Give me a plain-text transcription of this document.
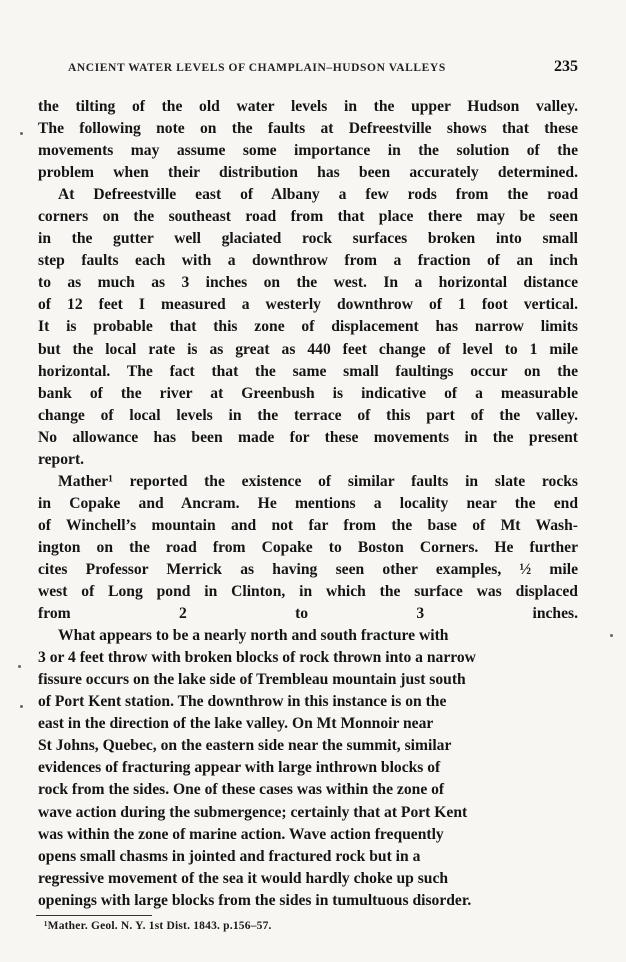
ANCIENT WATER LEVELS OF CHAMPLAIN–HUDSON VALLEYS	235

the tilting of the old water levels in the upper Hudson valley.
The following note on the faults at Defreestville shows that these
movements may assume some importance in the solution of the
problem when their distribution has been accurately determined.

At Defreestville east of Albany a few rods from the road
corners on the southeast road from that place there may be seen
in the gutter well glaciated rock surfaces broken into small
step faults each with a downthrow from a fraction of an inch
to as much as 3 inches on the west. In a horizontal distance
of 12 feet I measured a westerly downthrow of 1 foot vertical.
It is probable that this zone of displacement has narrow limits
but the local rate is as great as 440 feet change of level to 1 mile
horizontal. The fact that the same small faultings occur on the
bank of the river at Greenbush is indicative of a measurable
change of local levels in the terrace of this part of the valley.
No allowance has been made for these movements in the present
report.

Mather¹ reported the existence of similar faults in slate rocks
in Copake and Ancram. He mentions a locality near the end
of Winchell’s mountain and not far from the base of Mt Wash-
ington on the road from Copake to Boston Corners. He further
cites Professor Merrick as having seen other examples, ½ mile
west of Long pond in Clinton, in which the surface was displaced
from 2 to 3 inches.

What appears to be a nearly north and south fracture with
3 or 4 feet throw with broken blocks of rock thrown into a narrow
fissure occurs on the lake side of Trembleau mountain just south
of Port Kent station. The downthrow in this instance is on the
east in the direction of the lake valley. On Mt Monnoir near
St Johns, Quebec, on the eastern side near the summit, similar
evidences of fracturing appear with large inthrown blocks of
rock from the sides. One of these cases was within the zone of
wave action during the submergence; certainly that at Port Kent
was within the zone of marine action. Wave action frequently
opens small chasms in jointed and fractured rock but in a
regressive movement of the sea it would hardly choke up such
openings with large blocks from the sides in tumultuous disorder.

¹Mather. Geol. N. Y. 1st Dist. 1843. p.156–57.
